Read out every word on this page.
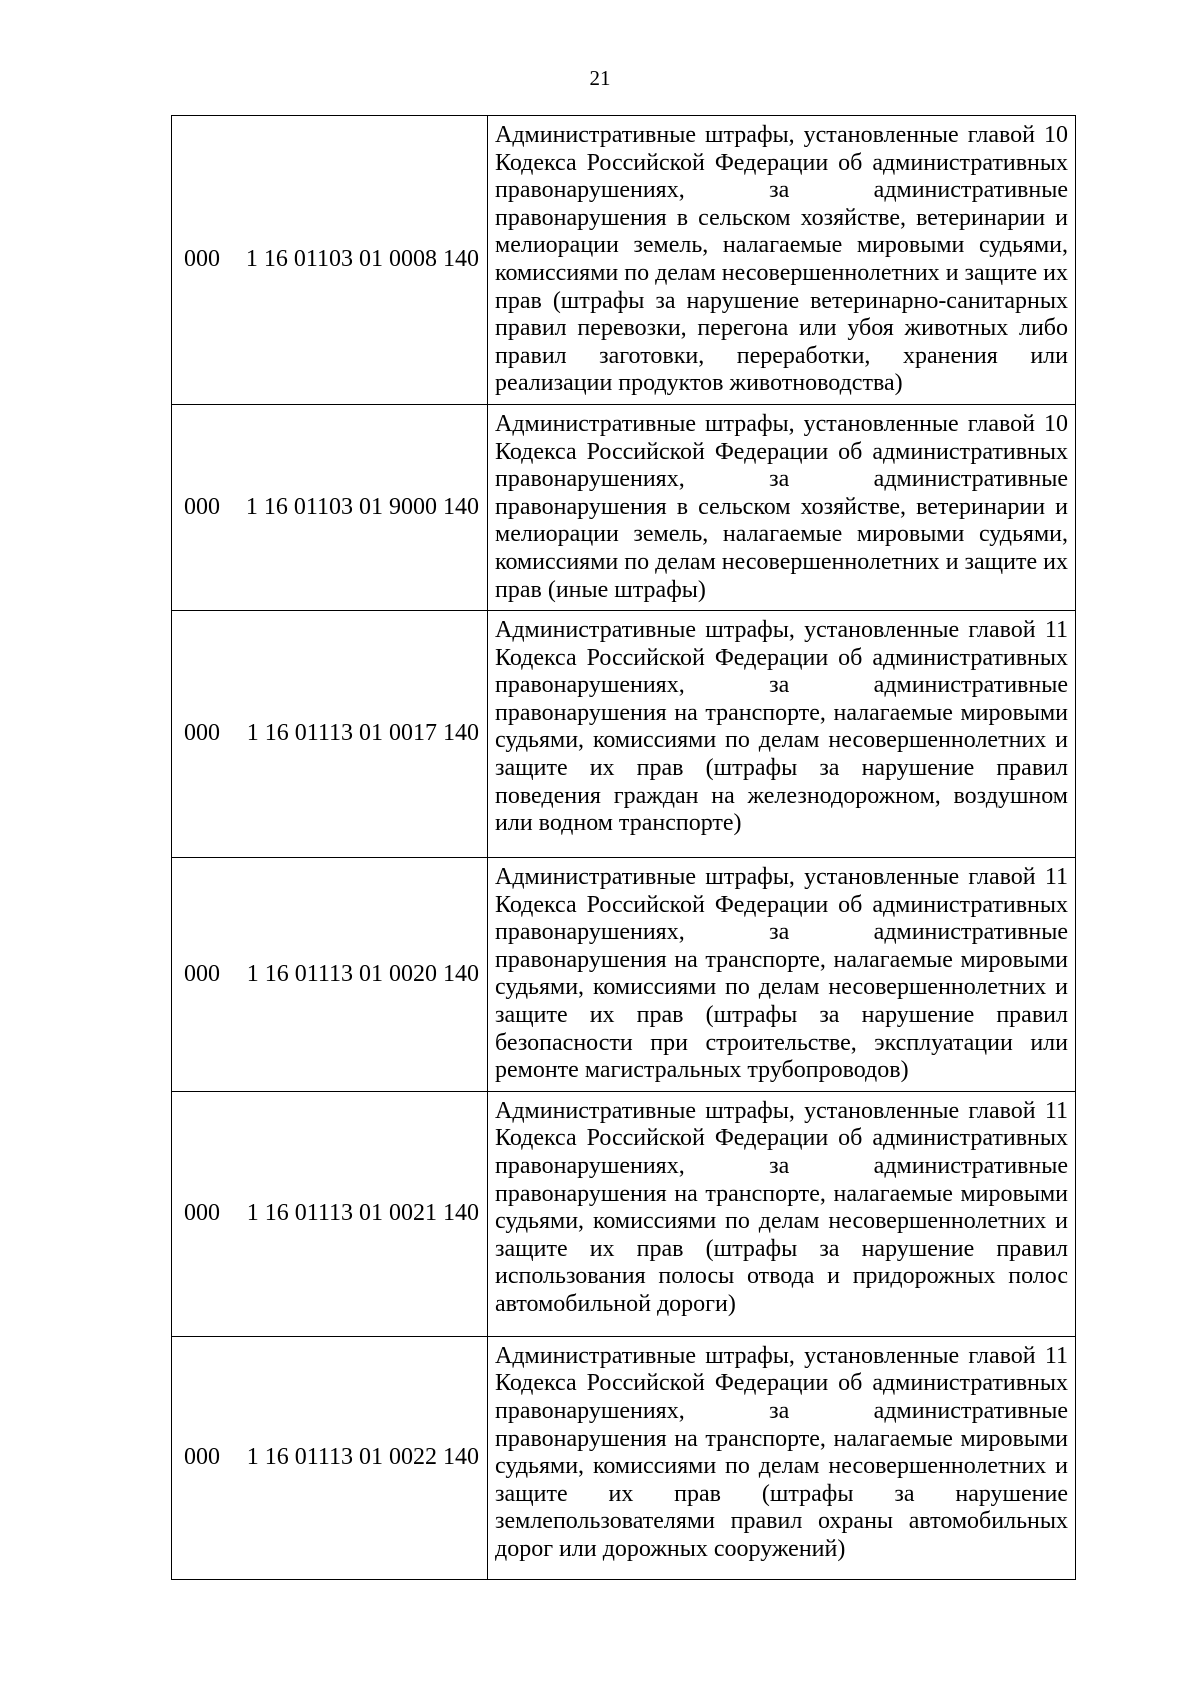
21
000 1 16 01103 01 0008 140	Административные штрафы, установленные главой 10 Кодекса Российской Федерации об административных правонарушениях, за административные правонарушения в сельском хозяйстве, ветеринарии и мелиорации земель, налагаемые мировыми судьями, комиссиями по делам несовершеннолетних и защите их прав (штрафы за нарушение ветеринарно-санитарных правил перевозки, перегона или убоя животных либо правил заготовки, переработки, хранения или реализации продуктов животноводства)

000 1 16 01103 01 9000 140	Административные штрафы, установленные главой 10 Кодекса Российской Федерации об административных правонарушениях, за административные правонарушения в сельском хозяйстве, ветеринарии и мелиорации земель, налагаемые мировыми судьями, комиссиями по делам несовершеннолетних и защите их прав (иные штрафы)

000 1 16 01113 01 0017 140	Административные штрафы, установленные главой 11 Кодекса Российской Федерации об административных правонарушениях, за административные правонарушения на транспорте, налагаемые мировыми судьями, комиссиями по делам несовершеннолетних и защите их прав (штрафы за нарушение правил поведения граждан на железнодорожном, воздушном или водном транспорте)

000 1 16 01113 01 0020 140	Административные штрафы, установленные главой 11 Кодекса Российской Федерации об административных правонарушениях, за административные правонарушения на транспорте, налагаемые мировыми судьями, комиссиями по делам несовершеннолетних и защите их прав (штрафы за нарушение правил безопасности при строительстве, эксплуатации или ремонте магистральных трубопроводов)

000 1 16 01113 01 0021 140	Административные штрафы, установленные главой 11 Кодекса Российской Федерации об административных правонарушениях, за административные правонарушения на транспорте, налагаемые мировыми судьями, комиссиями по делам несовершеннолетних и защите их прав (штрафы за нарушение правил использования полосы отвода и придорожных полос автомобильной дороги)

000 1 16 01113 01 0022 140	Административные штрафы, установленные главой 11 Кодекса Российской Федерации об административных правонарушениях, за административные правонарушения на транспорте, налагаемые мировыми судьями, комиссиями по делам несовершеннолетних и защите их прав (штрафы за нарушение землепользователями правил охраны автомобильных дорог или дорожных сооружений)
